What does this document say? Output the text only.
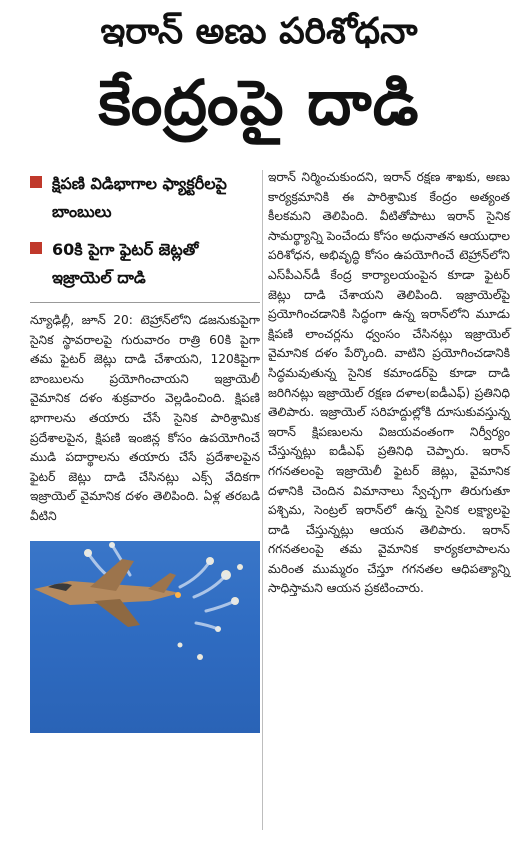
ఇరాన్ అణు పరిశోధనా
కేంద్రంపై దాడి
క్షిపణి విడిభాగాల ఫ్యాక్టరీలపై బాంబులు
60కి పైగా ఫైటర్ జెట్లతో ఇజ్రాయెల్ దాడి

న్యూఢిల్లీ, జూన్ 20: టెహ్రాన్‌లోని డజనుకుపైగా సైనిక స్థావరాలపై గురువారం రాత్రి 60కి పైగా తమ ఫైటర్ జెట్లు దాడి చేశాయని, 120కిపైగా బాంబులను ప్రయోగించాయని ఇజ్రాయెలీ వైమానిక దళం శుక్రవారం వెల్లడించింది. క్షిపణి భాగాలను తయారు చేసే సైనిక పారిశ్రామిక ప్రదేశాలపైన, క్షిపణి ఇంజిన్ల కోసం ఉపయోగించే ముడి పదార్థాలను తయారు చేసే ప్రదేశాలపైన ఫైటర్ జెట్లు దాడి చేసినట్లు ఎక్స్ వేదికగా ఇజ్రాయెల్ వైమానిక దళం తెలిపింది. ఏళ్ల తరబడి వీటిని

ఇరాన్ నిర్మించుకుందని, ఇరాన్ రక్షణ శాఖకు, అణు కార్యక్రమానికి ఈ పారిశ్రామిక కేంద్రం అత్యంత కీలకమని తెలిపింది. వీటితోపాటు ఇరాన్ సైనిక సామర్థ్యాన్ని పెంచేందు కోసం అధునాతన ఆయుధాల పరిశోధన, అభివృద్ధి కోసం ఉపయోగించే టెహ్రాన్‌లోని ఎస్‌పీఎన్‌డీ కేంద్ర కార్యాలయంపైన కూడా ఫైటర్ జెట్లు దాడి చేశాయని తెలిపింది. ఇజ్రాయెల్‌పై ప్రయోగించడానికి సిద్ధంగా ఉన్న ఇరాన్‌లోని మూడు క్షిపణి లాంచర్లను ధ్వంసం చేసినట్లు ఇజ్రాయెల్ వైమానిక దళం పేర్కొంది. వాటిని ప్రయోగించడానికి సిద్ధమవుతున్న సైనిక కమాండర్‌పై కూడా దాడి జరిగినట్లు ఇజ్రాయెల్ రక్షణ దళాల(ఐడీఎఫ్) ప్రతినిధి తెలిపారు. ఇజ్రాయెల్ సరిహద్దుల్లోకి దూసుకువస్తున్న ఇరాన్ క్షిపణులను విజయవంతంగా నిర్వీర్యం చేస్తున్నట్లు ఐడీఎఫ్ ప్రతినిధి చెప్పారు. ఇరాన్ గగనతలంపై ఇజ్రాయెలీ ఫైటర్ జెట్లు, వైమానిక దళానికి చెందిన విమానాలు స్వేచ్ఛగా తిరుగుతూ పశ్చిమ, సెంట్రల్ ఇరాన్‌లో ఉన్న సైనిక లక్ష్యాలపై దాడి చేస్తున్నట్లు ఆయన తెలిపారు. ఇరాన్ గగనతలంపై తమ వైమానిక కార్యకలాపాలను మరింత ముమ్మరం చేస్తూ గగనతల ఆధిపత్యాన్ని సాధిస్తామని ఆయన ప్రకటించారు.
